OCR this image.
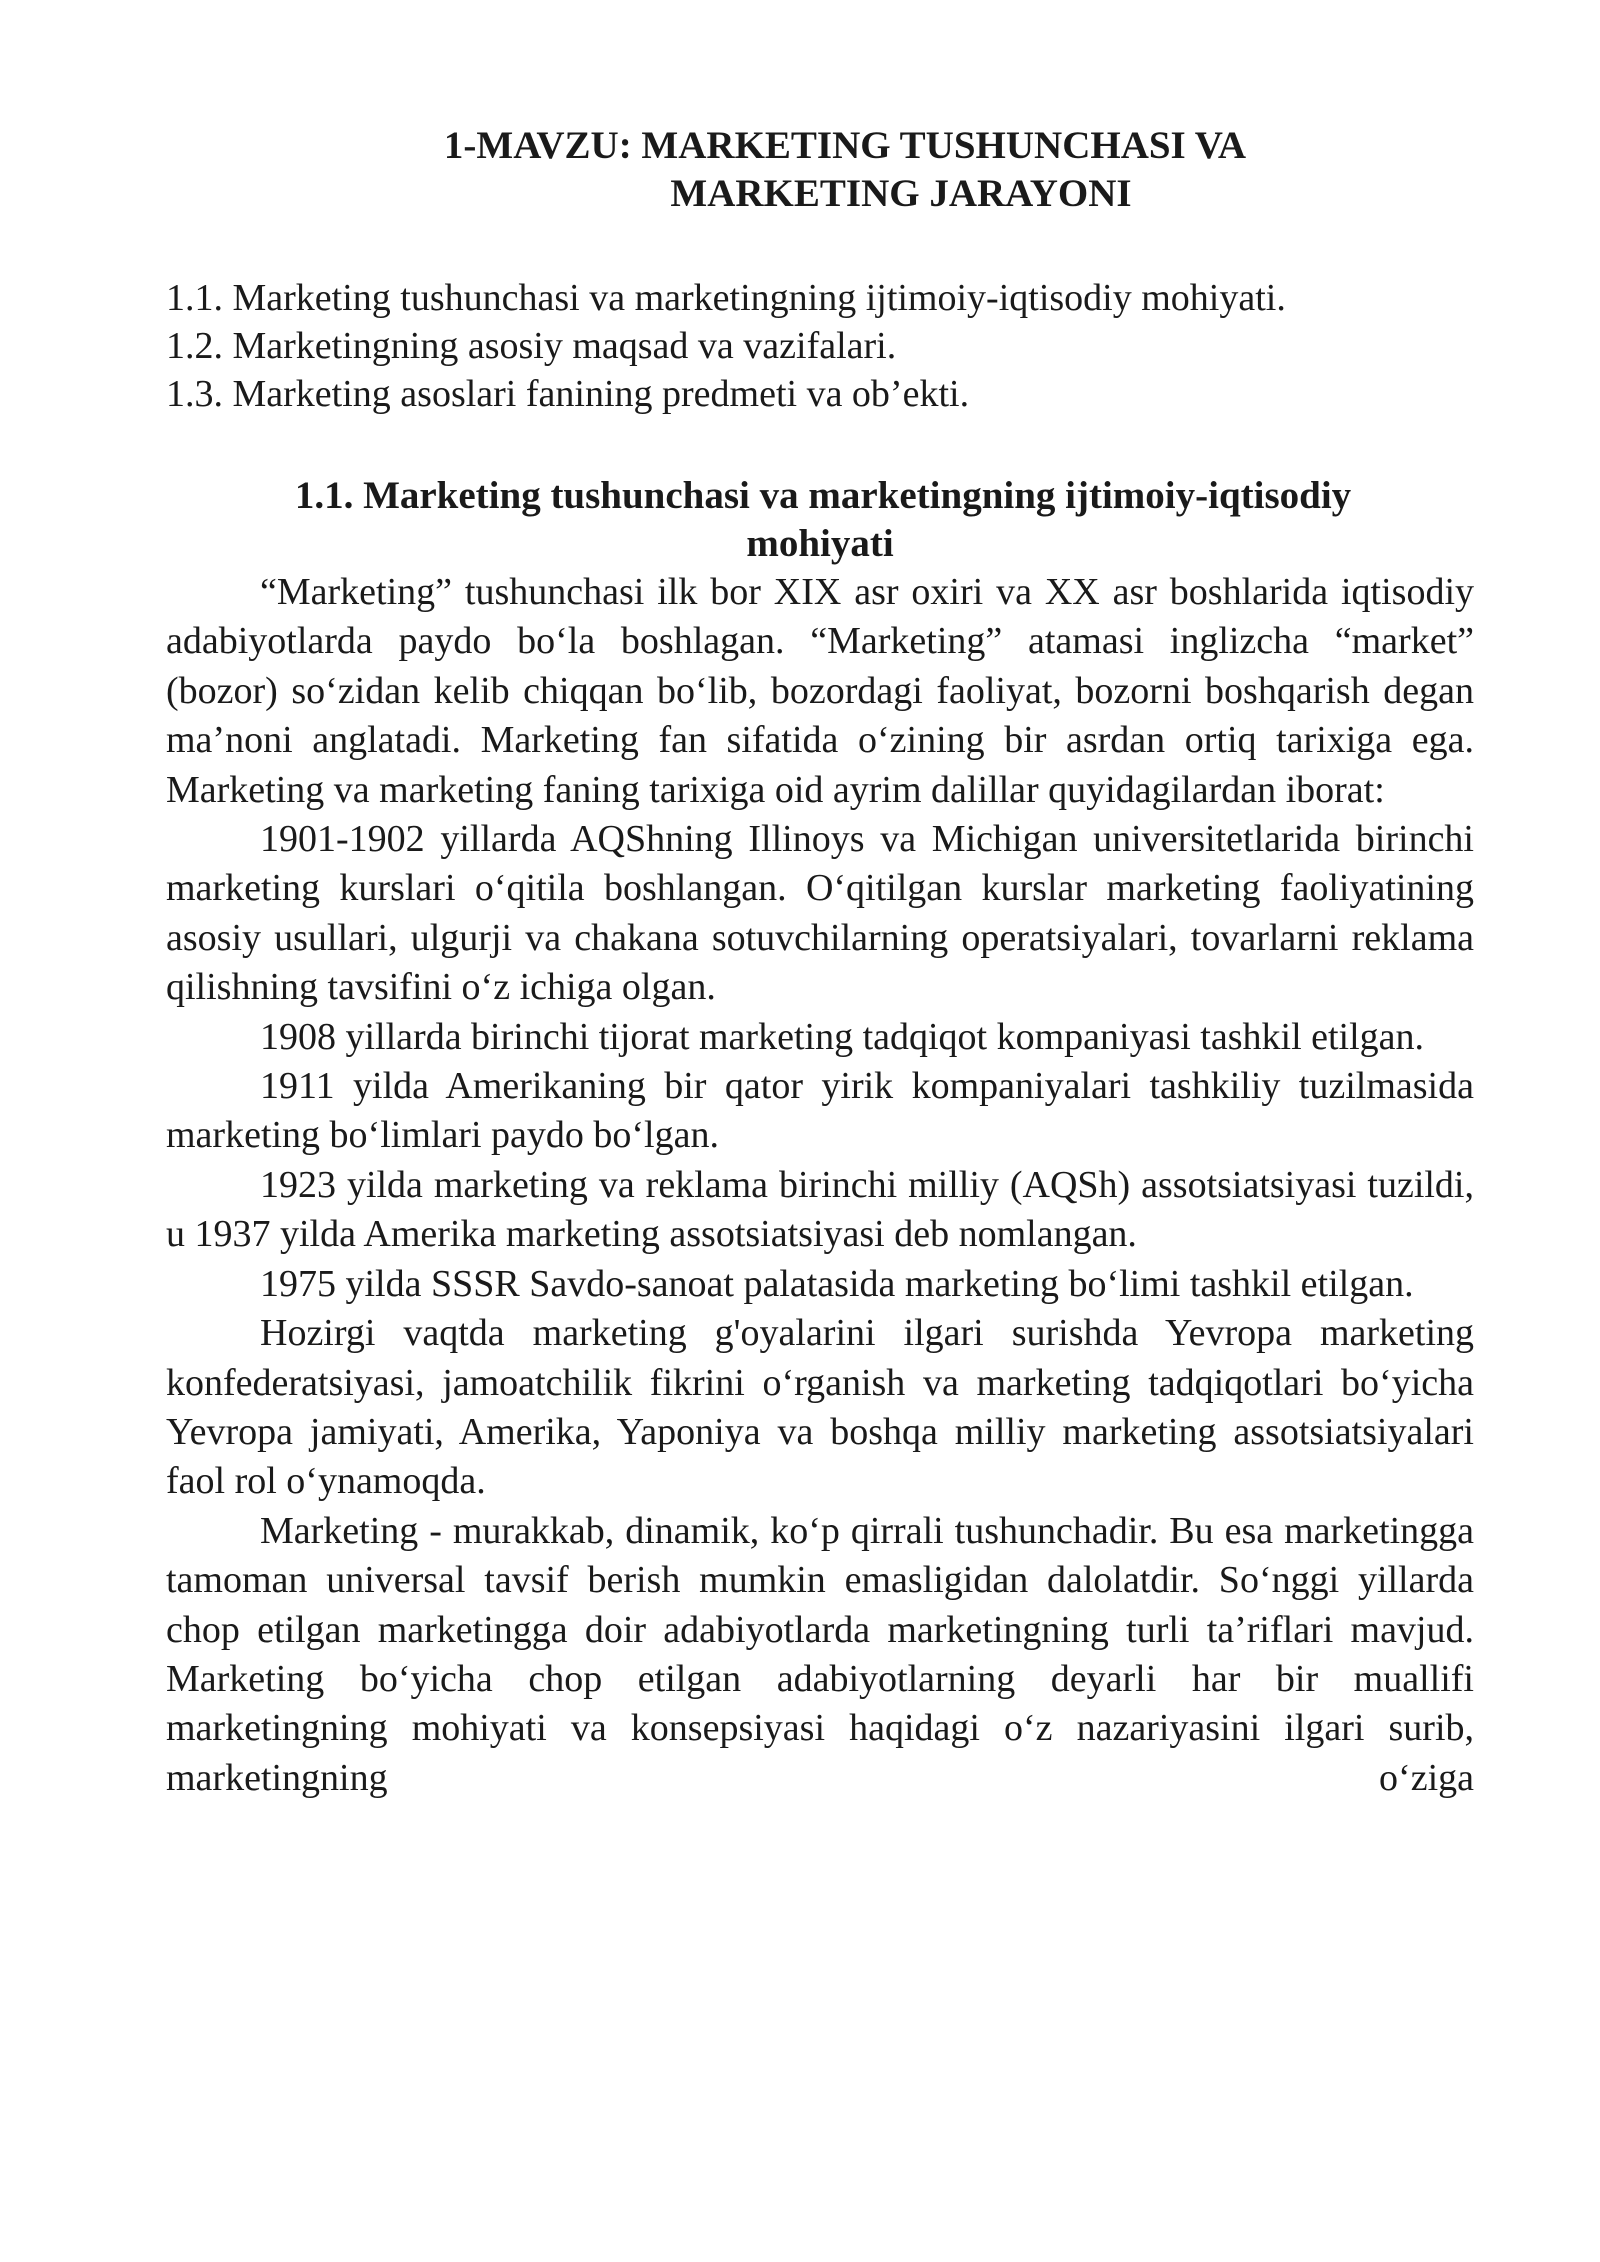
1-MAVZU: MARKETING TUSHUNCHASI VA
MARKETING JARAYONI
1.1. Marketing tushunchasi va marketingning ijtimoiy-iqtisodiy mohiyati.
1.2. Marketingning asosiy maqsad va vazifalari.
1.3. Marketing asoslari fanining predmeti va ob’ekti.
1.1. Marketing tushunchasi va marketingning ijtimoiy-iqtisodiy
mohiyati

“Marketing” tushunchasi ilk bor XIX asr oxiri va XX asr boshlarida iqtisodiy adabiyotlarda paydo bo‘la boshlagan. “Marketing” atamasi inglizcha “market” (bozor) so‘zidan kelib chiqqan bo‘lib, bozordagi faoliyat, bozorni boshqarish degan ma’noni anglatadi. Marketing fan sifatida o‘zining bir asrdan ortiq tarixiga ega. Marketing va marketing faning tarixiga oid ayrim dalillar quyidagilardan iborat:

1901-1902 yillarda AQShning Illinoys va Michigan universitetlarida birinchi marketing kurslari o‘qitila boshlangan. O‘qitilgan kurslar marketing faoliyatining asosiy usullari, ulgurji va chakana sotuvchilarning operatsiyalari, tovarlarni reklama qilishning tavsifini o‘z ichiga olgan.

1908 yillarda birinchi tijorat marketing tadqiqot kompaniyasi tashkil etilgan.

1911 yilda Amerikaning bir qator yirik kompaniyalari tashkiliy tuzilmasida marketing bo‘limlari paydo bo‘lgan.

1923 yilda marketing va reklama birinchi milliy (AQSh) assotsiatsiyasi tuzildi, u 1937 yilda Amerika marketing assotsiatsiyasi deb nomlangan.

1975 yilda SSSR Savdo-sanoat palatasida marketing bo‘limi tashkil etilgan.

Hozirgi vaqtda marketing g'oyalarini ilgari surishda Yevropa marketing konfederatsiyasi, jamoatchilik fikrini o‘rganish va marketing tadqiqotlari bo‘yicha Yevropa jamiyati, Amerika, Yaponiya va boshqa milliy marketing assotsiatsiyalari faol rol o‘ynamoqda.

Marketing - murakkab, dinamik, ko‘p qirrali tushunchadir. Bu esa marketingga tamoman universal tavsif berish mumkin emasligidan dalolatdir. So‘nggi yillarda chop etilgan marketingga doir adabiyotlarda marketingning turli ta’riflari mavjud. Marketing bo‘yicha chop etilgan adabiyotlarning deyarli har bir muallifi marketingning mohiyati va konsepsiyasi haqidagi o‘z nazariyasini ilgari surib, marketingning o‘ziga
